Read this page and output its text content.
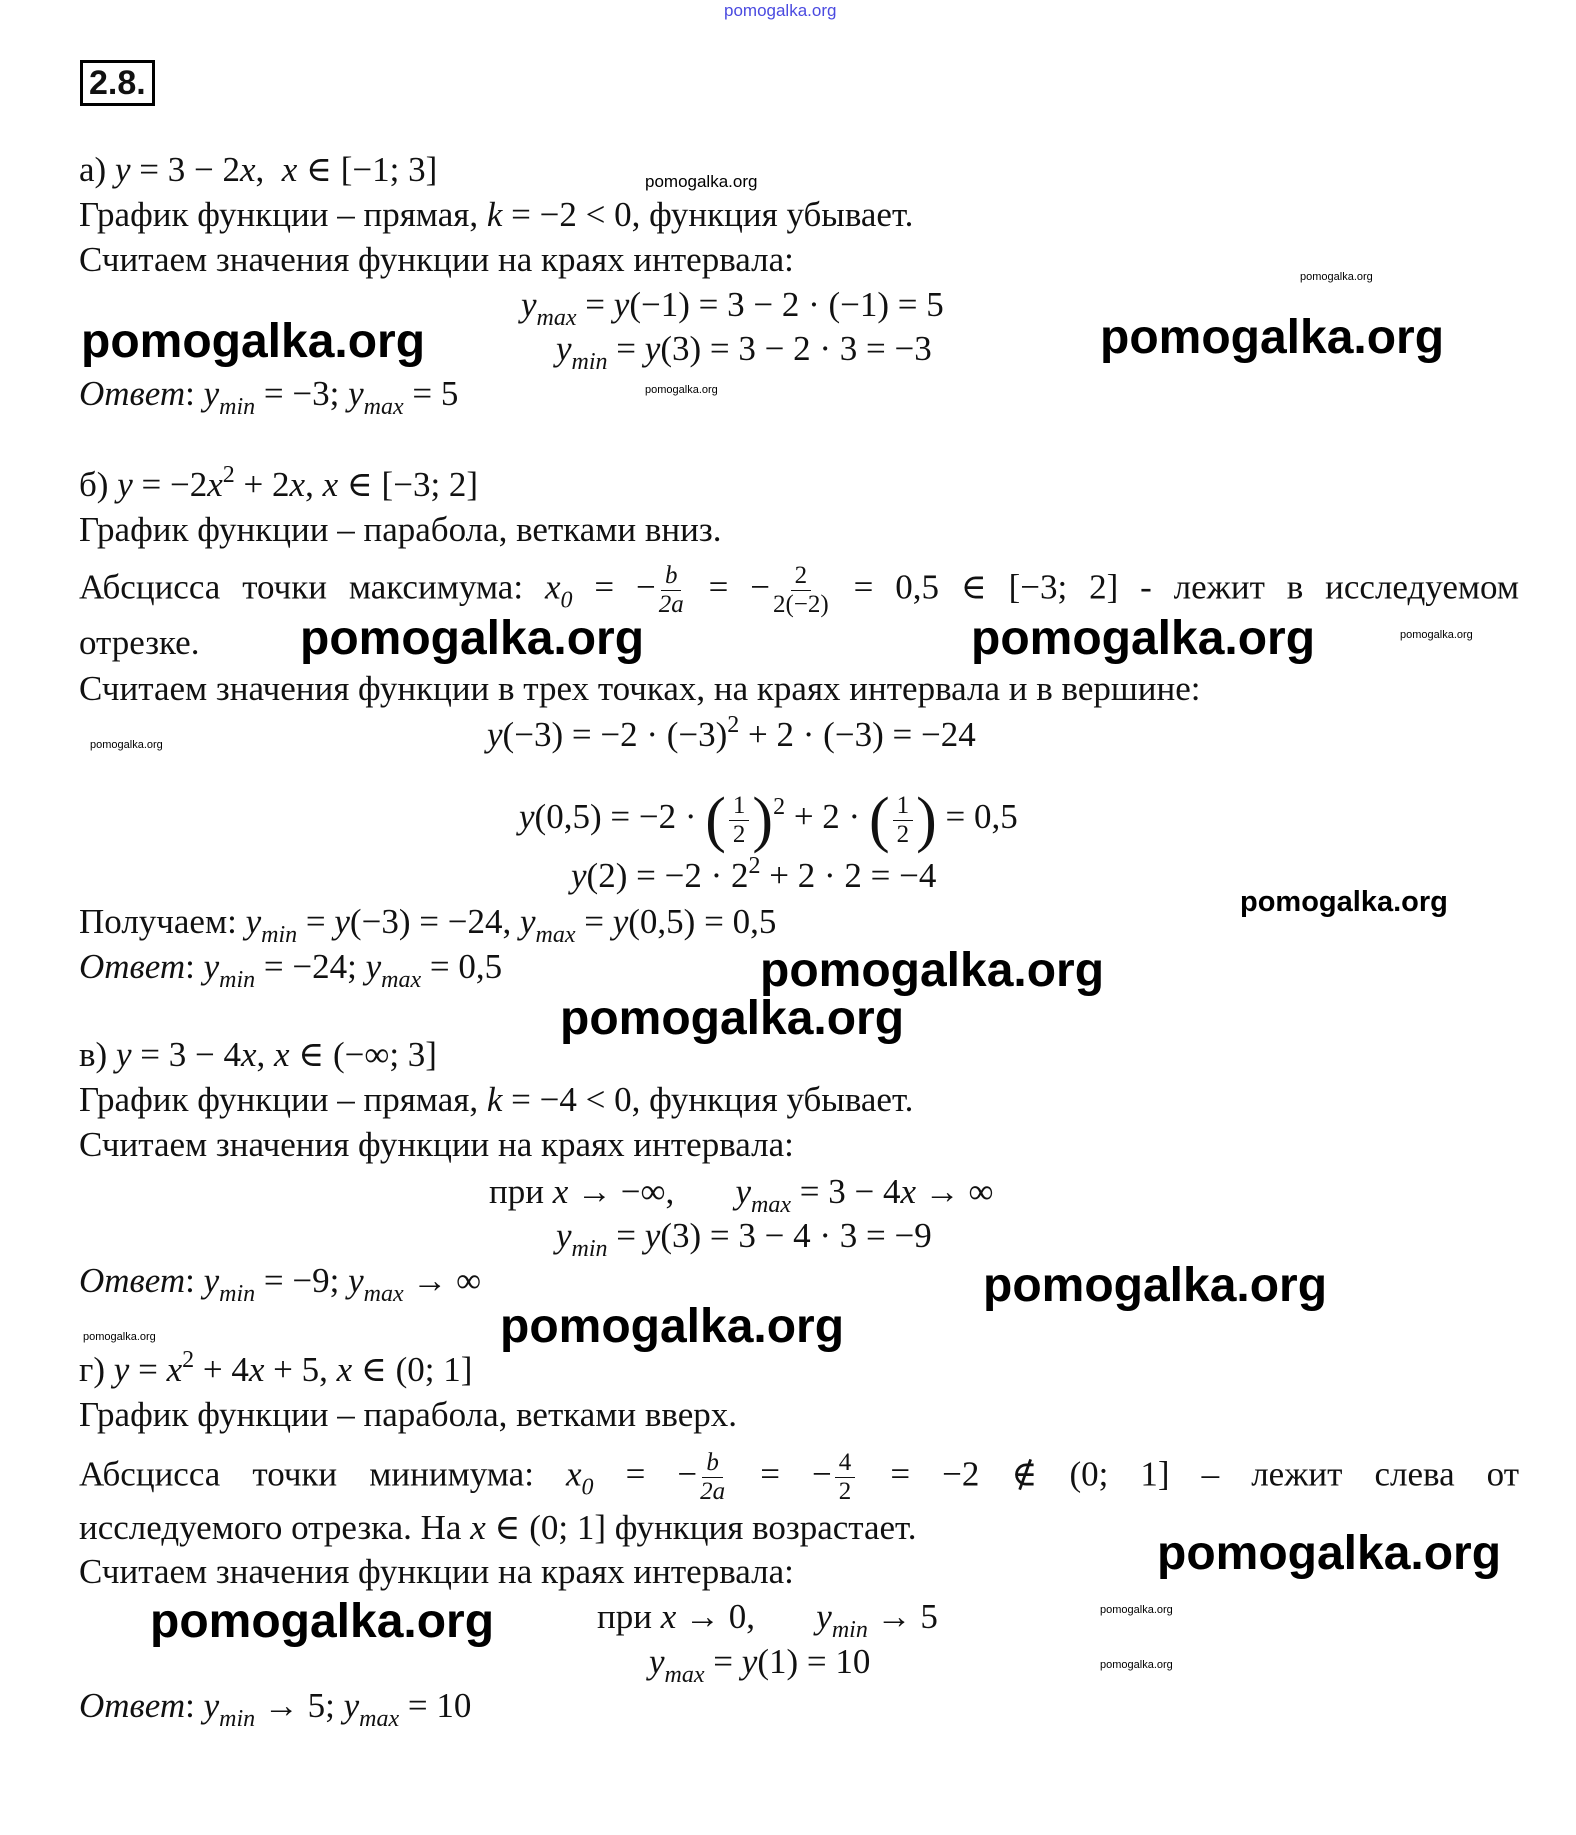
2.8.
а) y = 3 − 2x,  x ∈ [−1; 3]
График функции – прямая, k = −2 < 0, функция убывает.
Считаем значения функции на краях интервала:
$y_{max} = y(-1) = 3 - 2 \cdot (-1) = 5$
$y_{min} = y(3) = 3 - 2 \cdot 3 = -3$
Ответ: $y_{min} = -3$; $y_{max} = 5$
б) $y = -2x^2 + 2x$, x ∈ [−3; 2]
График функции – парабола, ветками вниз.
Абсцисса точки максимума: $x_0$ = − $\frac{b}{2a}$ = − $\frac{2}{2(-2)} = 0,5$ ∈ [−3; 2] - лежит в исследуемом
отрезке.
Считаем значения функции в трех точках, на краях интервала и в вершине:
$y(-3) = -2 \cdot (-3)^2 + 2 \cdot (-3) = -24$
y(0,5) = −2 · ( $\frac{1}{2}$ ) $^2$ + 2 · ( $\frac{1}{2}$ ) = 0,5
$y(2) = -2 \cdot 2^2 + 2 \cdot 2 = -4$
Получаем: $y_{min} = y(-3) = -24$, $y_{max} = y(0,5) = 0,5$
Ответ: $y_{min} = -24$; $y_{max} = 0,5$
в) y = 3 − 4x, x ∈ (−∞; 3]
График функции – прямая, k = −4 < 0, функция убывает.
Считаем значения функции на краях интервала:
при x → −∞,       $y_{max} = 3 - 4x$ → ∞
$y_{min} = y(3) = 3 - 4 \cdot 3 = -9$
Ответ: $y_{min} = -9$; $y_{max}$ → ∞
г) $y = x^2 + 4x + 5$, x ∈ (0; 1]
График функции – парабола, ветками вверх.
Абсцисса точки минимума: $x_0$ = − $\frac{b}{2a}$ = − $\frac{4}{2} = -2$ ∉ (0; 1] – лежит слева от
исследуемого отрезка. На x ∈ (0; 1] функция возрастает.
Считаем значения функции на краях интервала:
при x → 0,       $y_{min} \to 5$
$y_{max} = y(1) = 10$
Ответ: $y_{min} \to 5$; $y_{max} = 10$
pomogalka.org
pomogalka.org
pomogalka.org
pomogalka.org
pomogalka.org
pomogalka.org
pomogalka.org
pomogalka.org
pomogalka.org
pomogalka.org	pomogalka.org
pomogalka.org
pomogalka.org
pomogalka.org
pomogalka.org
pomogalka.org
pomogalka.org
pomogalka.org
pomogalka.org
pomogalka.org
